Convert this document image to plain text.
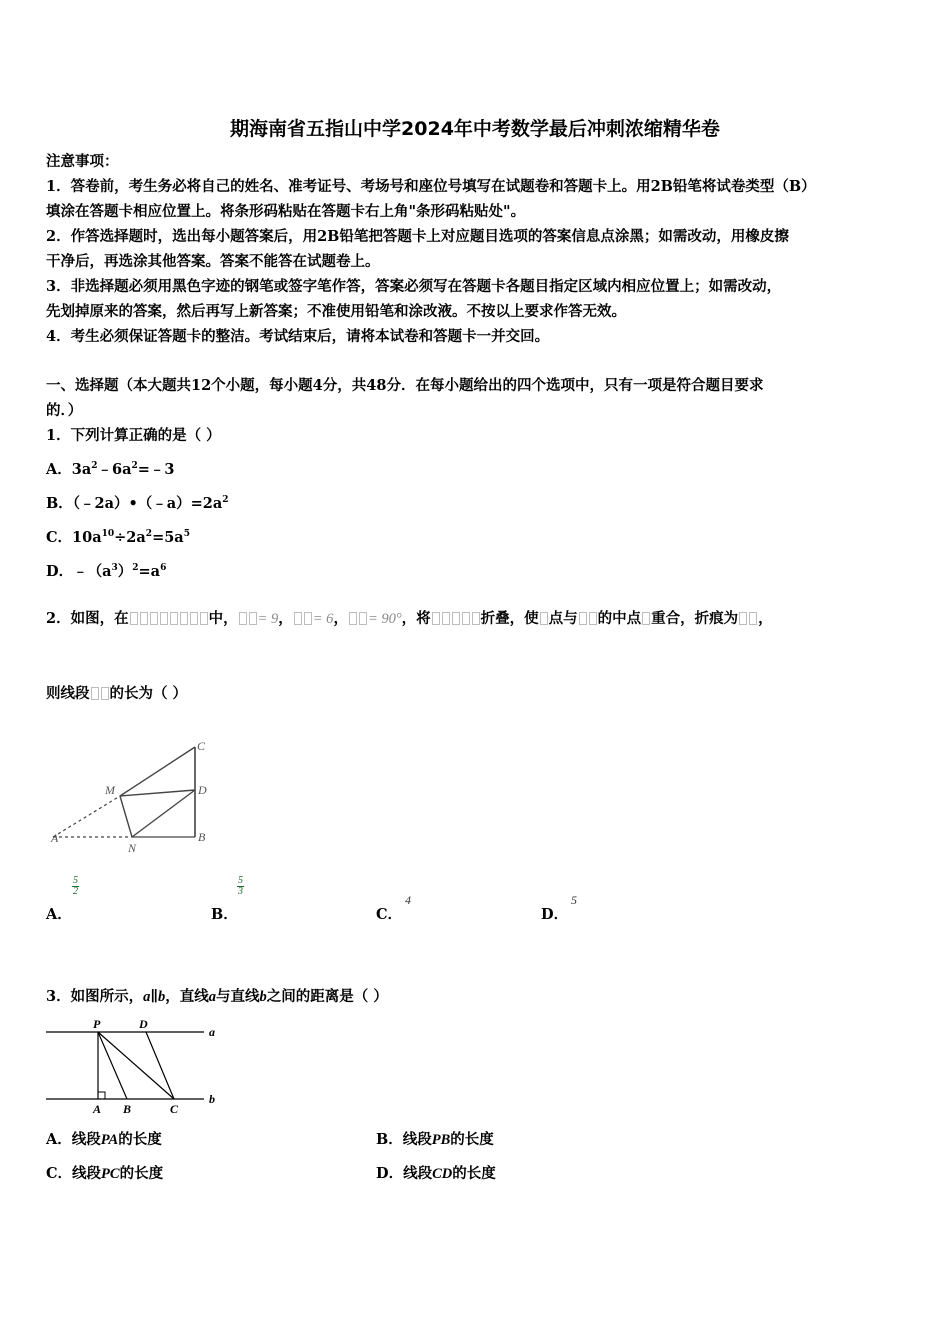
期海南省五指山中学2024年中考数学最后冲刺浓缩精华卷
注意事项：
1．答卷前，考生务必将自己的姓名、准考证号、考场号和座位号填写在试题卷和答题卡上。用2B铅笔将试卷类型（B）
填涂在答题卡相应位置上。将条形码粘贴在答题卡右上角"条形码粘贴处"。
2．作答选择题时，选出每小题答案后，用2B铅笔把答题卡上对应题目选项的答案信息点涂黑；如需改动，用橡皮擦
干净后，再选涂其他答案。答案不能答在试题卷上。
3．非选择题必须用黑色字迹的钢笔或签字笔作答，答案必须写在答题卡各题目指定区域内相应位置上；如需改动，
先划掉原来的答案，然后再写上新答案；不准使用铅笔和涂改液。不按以上要求作答无效。
4．考生必须保证答题卡的整洁。考试结束后，请将本试卷和答题卡一并交回。
一、选择题（本大题共12个小题，每小题4分，共48分．在每小题给出的四个选项中，只有一项是符合题目要求
的．）
1．下列计算正确的是（ ）
A．$3a^2﹣6a^2=﹣3$
B．$(﹣2a)•(﹣a)=2a^2$
C．$10a^{10}\div 2a^2=5a^5$
D．$﹣(a^3)^2=a^6$
2．如图，在	中， = 9， = 6， = 90°，将	折叠，使 点与 的中点 重合，折痕为 ，
则线段 的长为（ ）
C
M	D
A
N
B
A．
$\frac{5}{2}$
B．
$\frac{5}{3}$
C．
4
D．
5
3．如图所示，a∥b，直线a与直线b之间的距离是（ ）
P	D
a
A B	C
b
A．线段PA的长度	B．线段PB的长度
C．线段PC的长度	D．线段CD的长度
